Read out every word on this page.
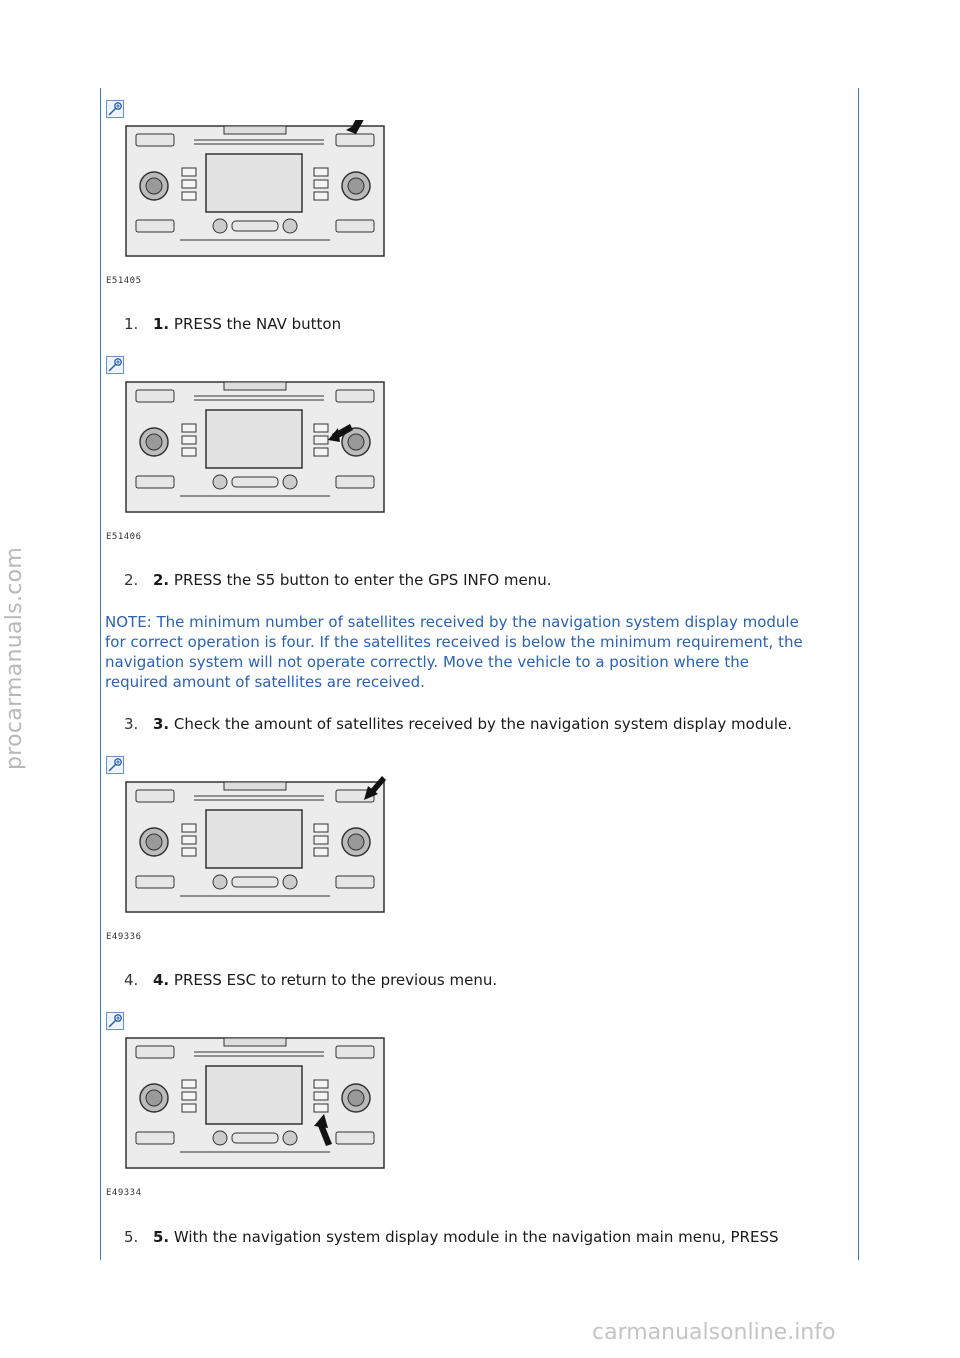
procarmanuals.com
carmanualsonline.info
E51405
E51406
E49336
E49334
1. 1. PRESS the NAV button
2. 2. PRESS the S5 button to enter the GPS INFO menu.
NOTE: The minimum number of satellites received by the navigation system display module for correct operation is four. If the satellites received is below the minimum requirement, the navigation system will not operate correctly. Move the vehicle to a position where the required amount of satellites are received.
3. 3. Check the amount of satellites received by the navigation system display module.
4. 4. PRESS ESC to return to the previous menu.
5. 5. With the navigation system display module in the navigation main menu, PRESS
